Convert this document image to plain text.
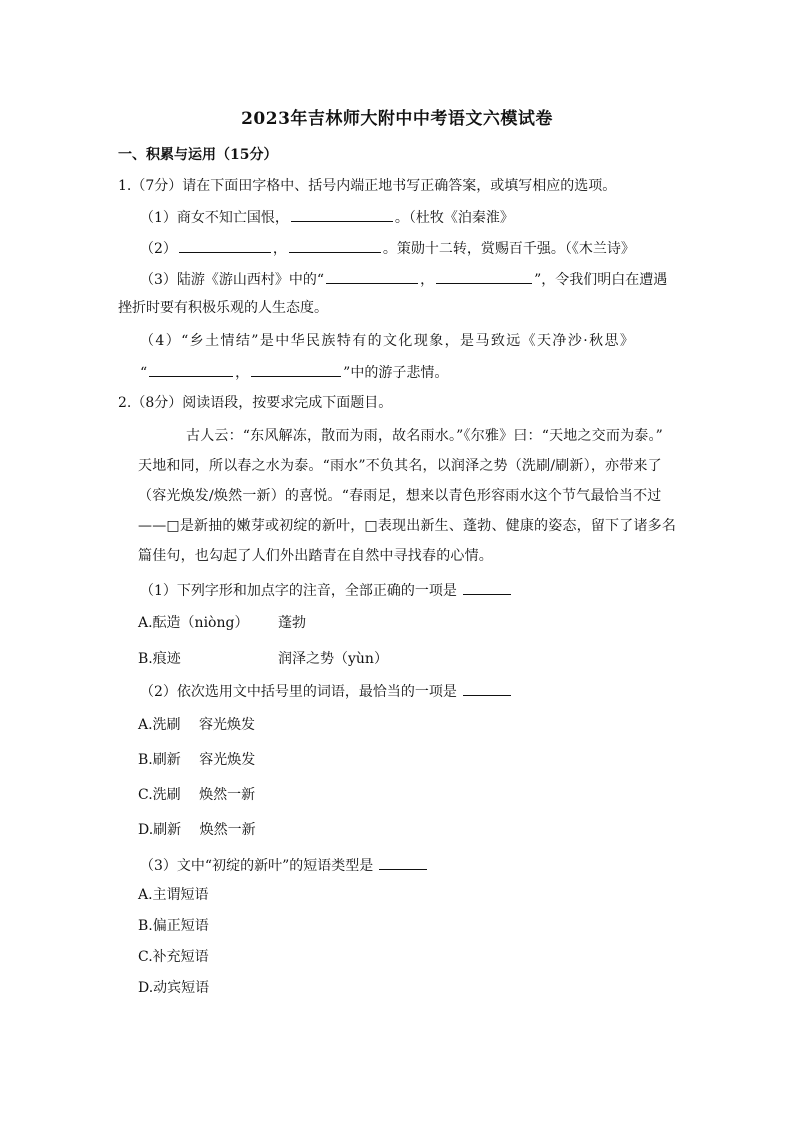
2023年吉林师大附中中考语文六模试卷
一、积累与运用（15分）
1.（7分）请在下面田字格中、括号内端正地书写正确答案，或填写相应的选项。
（1）商女不知亡国恨，	。（杜牧《泊秦淮》
（2）	，	。策勋十二转，赏赐百千强。（《木兰诗》
（3）陆游《游山西村》中的“	，	”，令我们明白在遭遇
挫折时要有积极乐观的人生态度。
（4）“乡土情结”是中华民族特有的文化现象，是马致远《天净沙·秋思》
“	，	”中的游子悲情。
2.（8分）阅读语段，按要求完成下面题目。
古人云：“东风解冻，散而为雨，故名雨水。”《尔雅》曰：“天地之交而为泰。”
天地和同，所以春之水为泰。“雨水”不负其名，以润泽之势（洗刷/刷新），亦带来了
（容光焕发/焕然一新）的喜悦。“春雨足，想来以青色形容雨水这个节气最恰当不过
——□是新抽的嫩芽或初绽的新叶，□表现出新生、蓬勃、健康的姿态，留下了诸多名
篇佳句，也勾起了人们外出踏青在自然中寻找春的心情。
（1）下列字形和加点字的注音，全部正确的一项是
A.酝造（niòng） 蓬勃
B.痕迹	润泽之势（yùn）
（2）依次选用文中括号里的词语，最恰当的一项是
A.洗刷　 容光焕发
B.刷新　 容光焕发
C.洗刷　 焕然一新
D.刷新　 焕然一新
（3）文中“初绽的新叶”的短语类型是
A.主谓短语
B.偏正短语
C.补充短语
D.动宾短语
